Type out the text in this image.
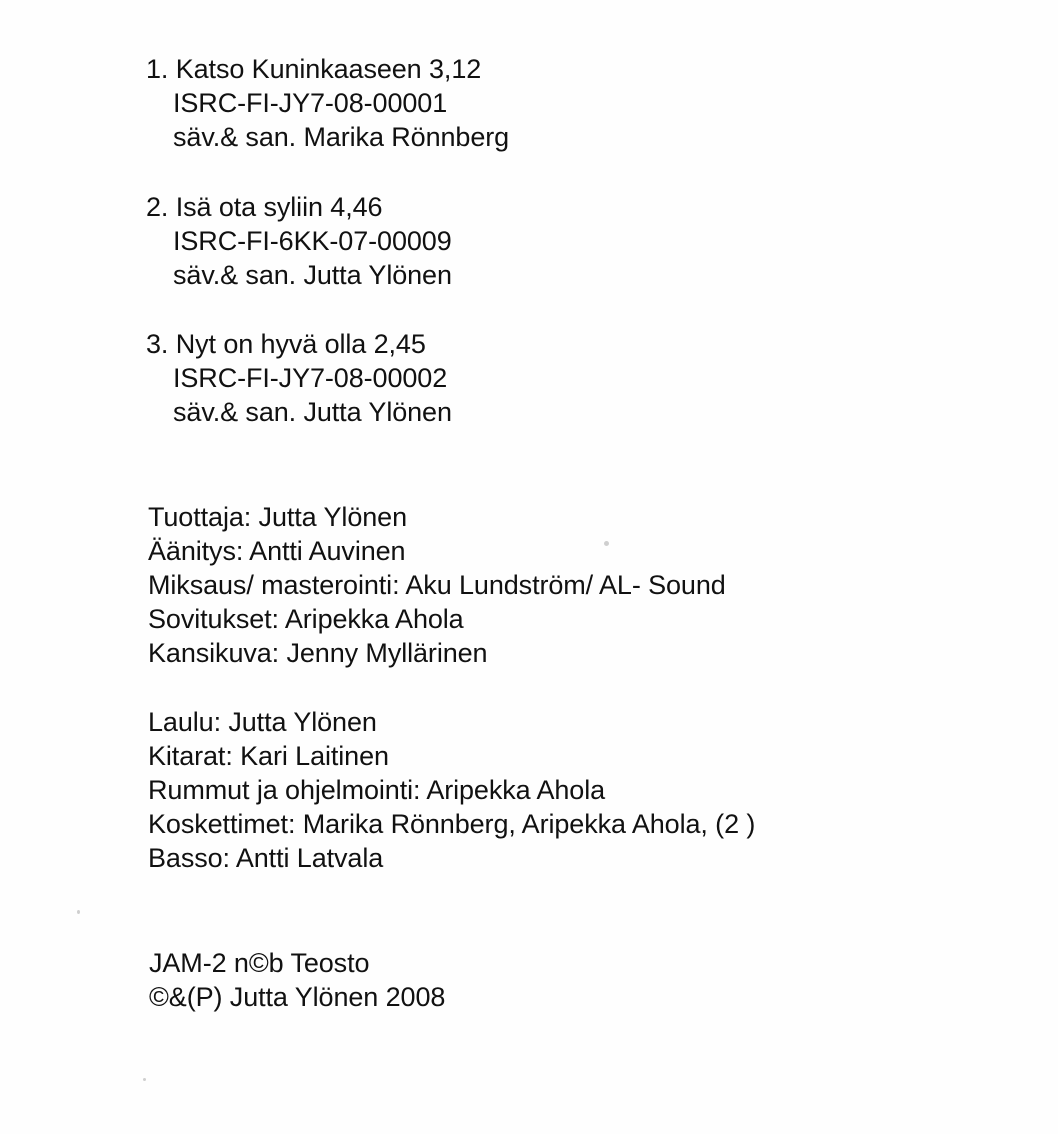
1. Katso Kuninkaaseen 3,12
ISRC-FI-JY7-08-00001
säv.& san. Marika Rönnberg
2. Isä ota syliin 4,46
ISRC-FI-6KK-07-00009
säv.& san. Jutta Ylönen
3. Nyt on hyvä olla 2,45
ISRC-FI-JY7-08-00002
säv.& san. Jutta Ylönen
Tuottaja: Jutta Ylönen
Äänitys: Antti Auvinen
Miksaus/ masterointi: Aku Lundström/ AL- Sound
Sovitukset: Aripekka Ahola
Kansikuva: Jenny Myllärinen
Laulu: Jutta Ylönen
Kitarat: Kari Laitinen
Rummut ja ohjelmointi: Aripekka Ahola
Koskettimet: Marika Rönnberg, Aripekka Ahola, (2 )
Basso: Antti Latvala
JAM-2 n©b Teosto
©&(P) Jutta Ylönen 2008
